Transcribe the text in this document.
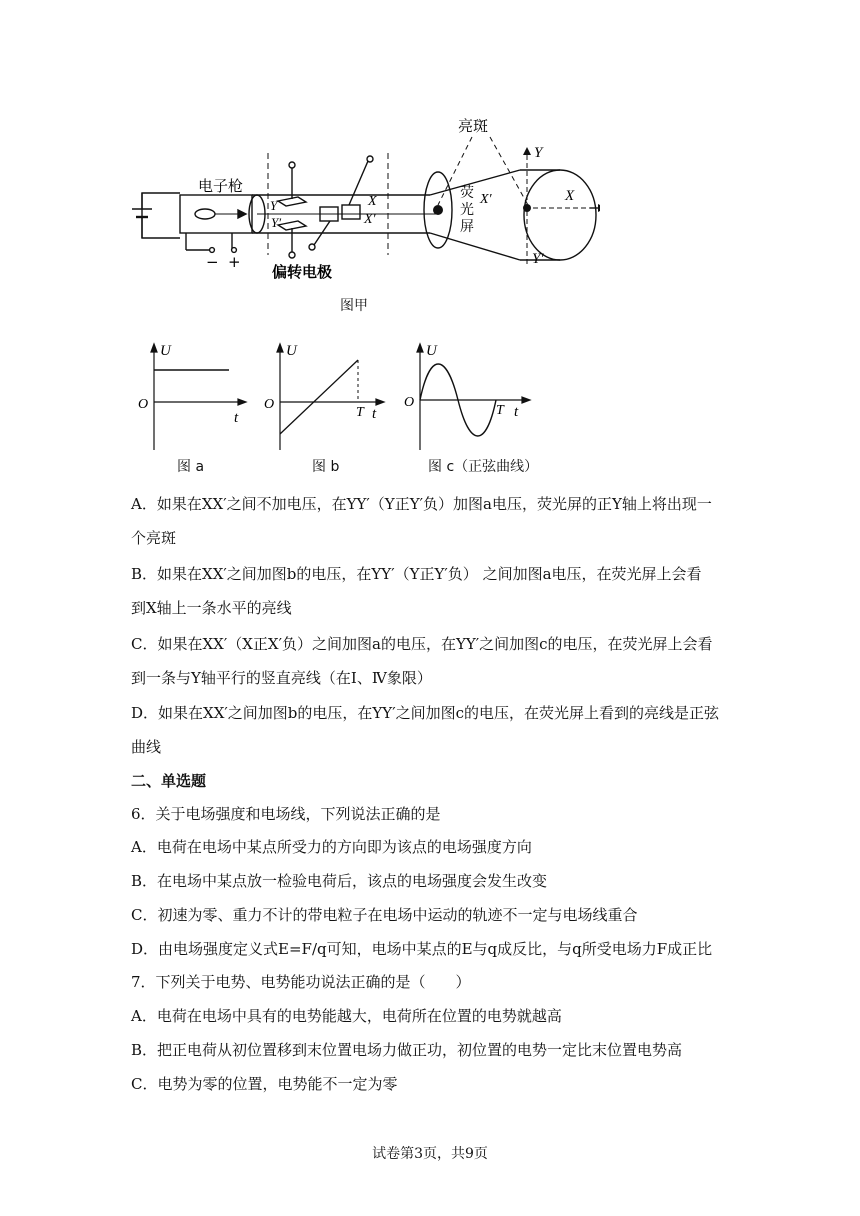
电子枪
亮斑
偏转电极
荧
光
屏
− +
Y
Y′
X
X′
X′	X
Y
Y′
图甲
U
O
t
图 a
U
O
T t
图 b
U
O
T t
图 c（正弦曲线）
A．如果在XX′之间不加电压，在YY′（Y正Y′负）加图a电压，荧光屏的正Y轴上将出现一
个亮斑
B．如果在XX′之间加图b的电压，在YY′（Y正Y′负） 之间加图a电压，在荧光屏上会看
到X轴上一条水平的亮线
C．如果在XX′（X正X′负）之间加图a的电压，在YY′之间加图c的电压，在荧光屏上会看
到一条与Y轴平行的竖直亮线（在Ⅰ、Ⅳ象限）
D．如果在XX′之间加图b的电压，在YY′之间加图c的电压，在荧光屏上看到的亮线是正弦
曲线
二、单选题
6．关于电场强度和电场线，下列说法正确的是
A．电荷在电场中某点所受力的方向即为该点的电场强度方向
B．在电场中某点放一检验电荷后，该点的电场强度会发生改变
C．初速为零、重力不计的带电粒子在电场中运动的轨迹不一定与电场线重合
D．由电场强度定义式E=F/q可知，电场中某点的E与q成反比，与q所受电场力F成正比
7．下列关于电势、电势能功说法正确的是（　　）
A．电荷在电场中具有的电势能越大，电荷所在位置的电势就越高
B．把正电荷从初位置移到末位置电场力做正功，初位置的电势一定比末位置电势高
C．电势为零的位置，电势能不一定为零
试卷第3页，共9页
